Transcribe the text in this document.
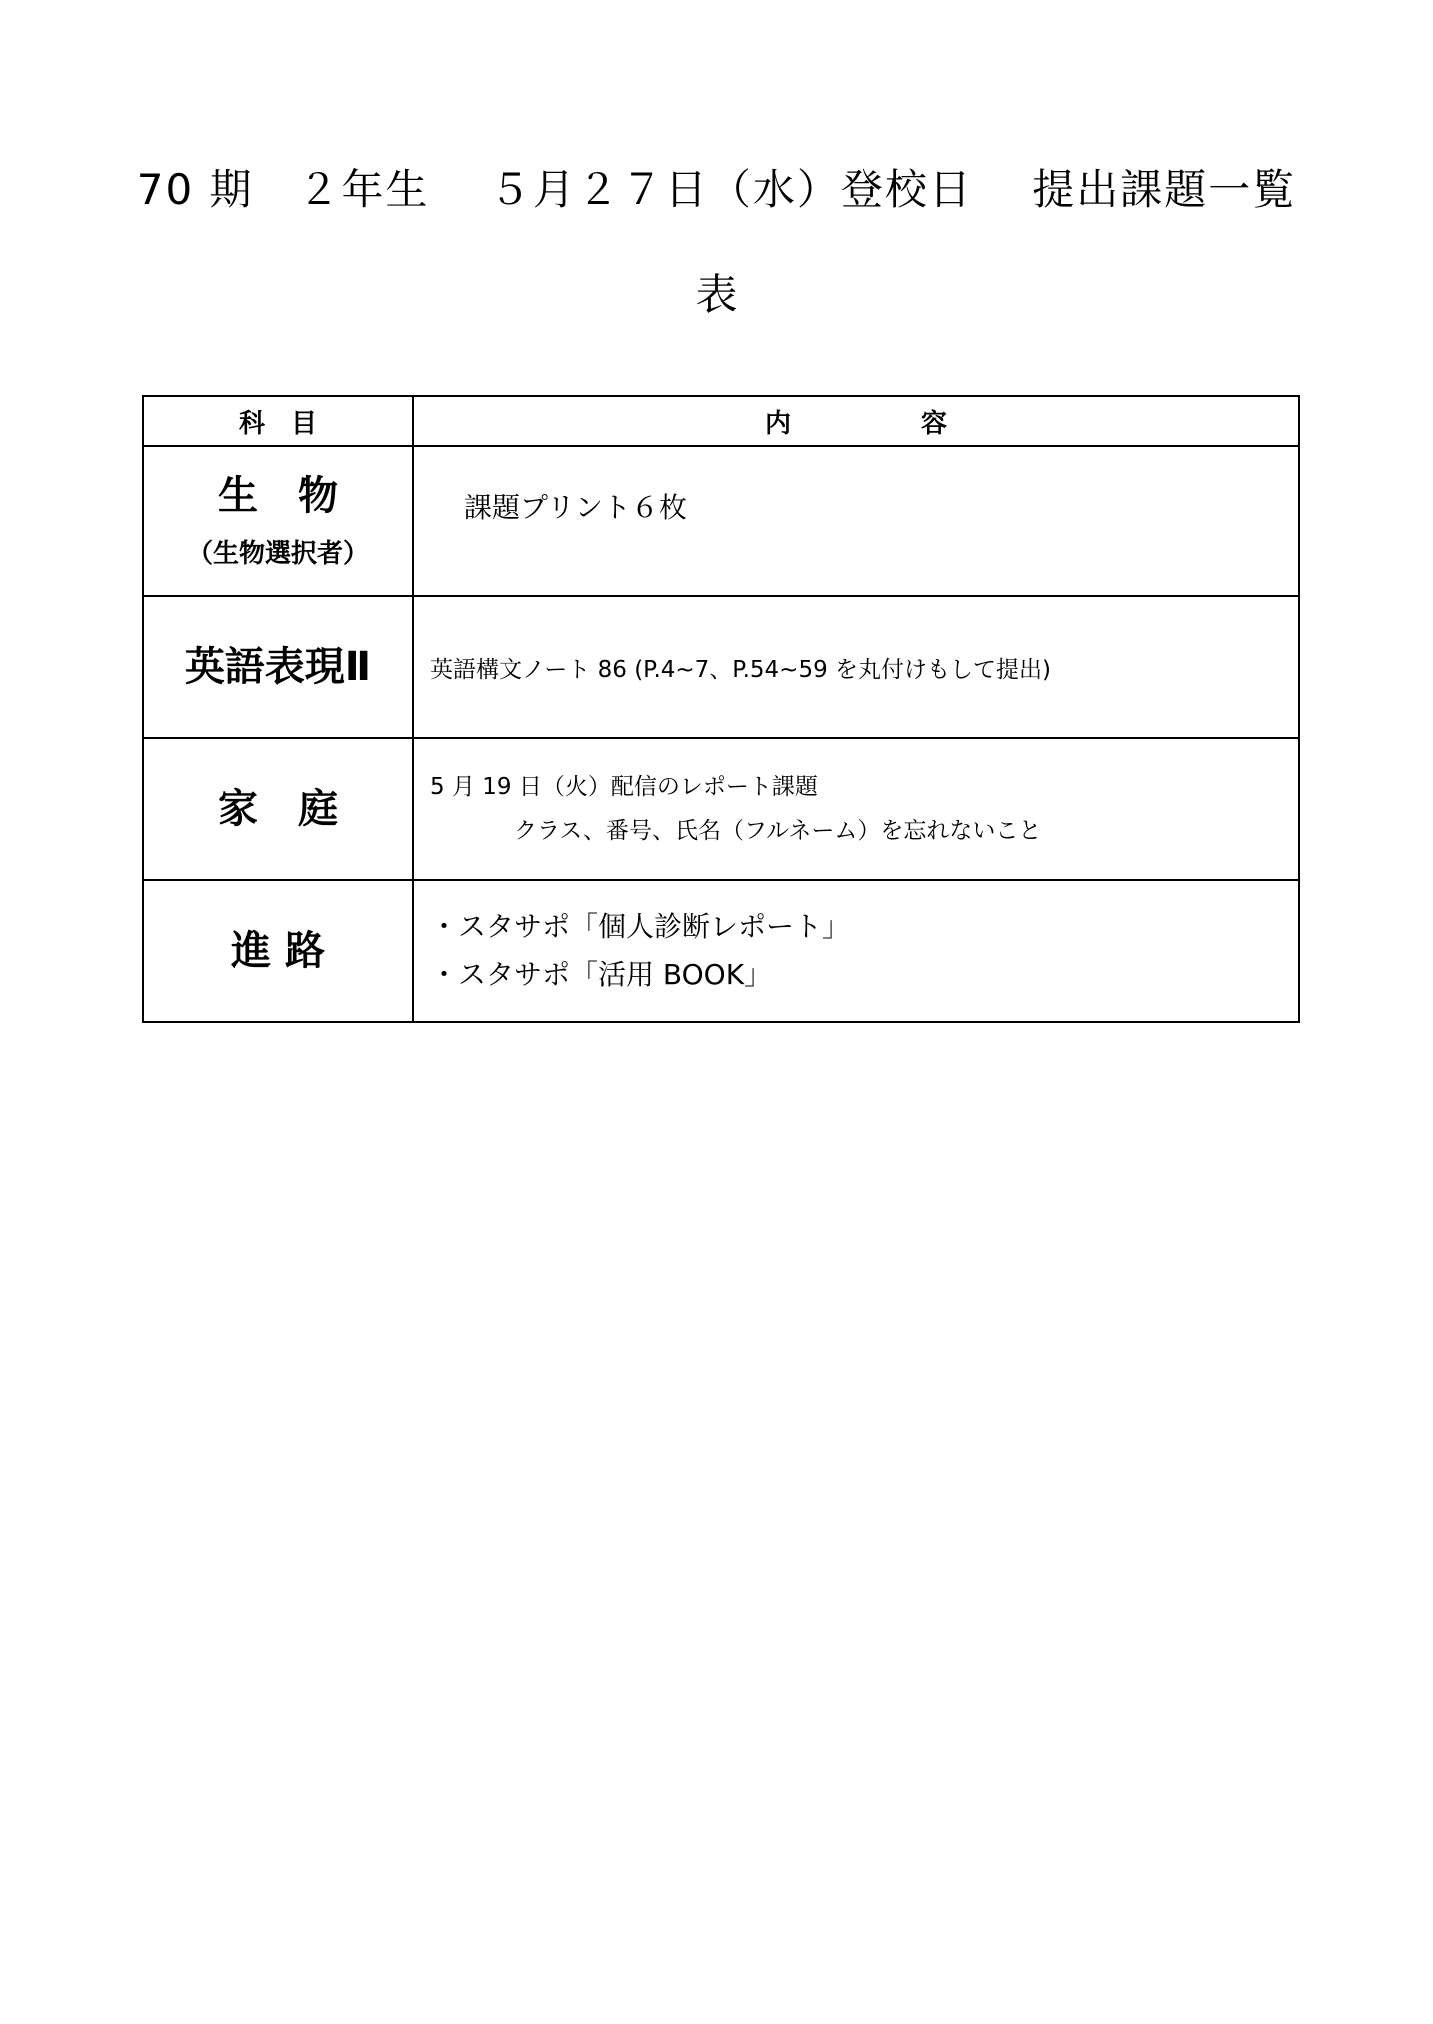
70 期　２年生　 ５月２７日（水）登校日　 提出課題一覧
表
科　目	内　　　　　容

生　物
（生物選択者）	課題プリント６枚

英語表現Ⅱ	英語構文ノート 86 (P.4~7、P.54~59 を丸付けもして提出)

家　庭	5 月 19 日（火）配信のレポート課題
クラス、番号、氏名（フルネーム）を忘れないこと

進 路	・スタサポ「個人診断レポート」
・スタサポ「活用 BOOK」
